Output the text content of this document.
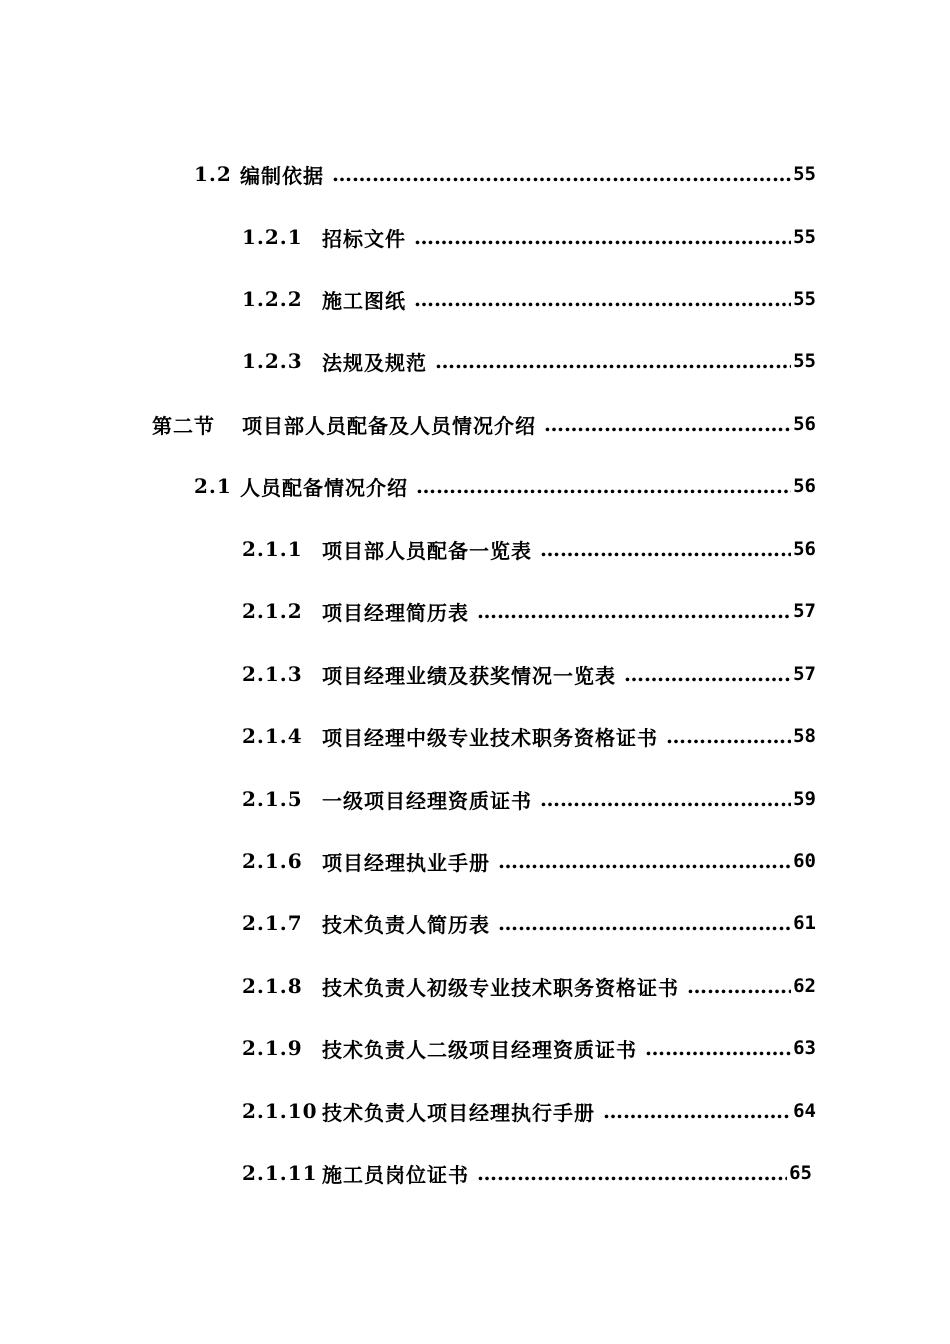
1.2 编制依据 …………………………………………………………………………………………………………………………………………	55
1.2.1 招标文件 …………………………………………………………………………………………………………………………………………	55
1.2.2 施工图纸 …………………………………………………………………………………………………………………………………………	55
1.2.3 法规及规范 …………………………………………………………………………………………………………………………………………	55
第二节	项目部人员配备及人员情况介绍 …………………………………………………………………………………………………………………………………………	56
2.1 人员配备情况介绍 …………………………………………………………………………………………………………………………………………	56
2.1.1 项目部人员配备一览表 …………………………………………………………………………………………………………………………………………	56
2.1.2 项目经理简历表 …………………………………………………………………………………………………………………………………………	57
2.1.3 项目经理业绩及获奖情况一览表 …………………………………………………………………………………………………………………………………………	57
2.1.4 项目经理中级专业技术职务资格证书 …………………………………………………………………………………………………………………………………………	58
2.1.5 一级项目经理资质证书 …………………………………………………………………………………………………………………………………………	59
2.1.6 项目经理执业手册 …………………………………………………………………………………………………………………………………………	60
2.1.7 技术负责人简历表 …………………………………………………………………………………………………………………………………………	61
2.1.8 技术负责人初级专业技术职务资格证书 …………………………………………………………………………………………………………………………………………	62
2.1.9 技术负责人二级项目经理资质证书 …………………………………………………………………………………………………………………………………………	63
2.1.10 技术负责人项目经理执行手册 …………………………………………………………………………………………………………………………………………	64
2.1.11 施工员岗位证书 …………………………………………………………………………………………………………………………………………	65
